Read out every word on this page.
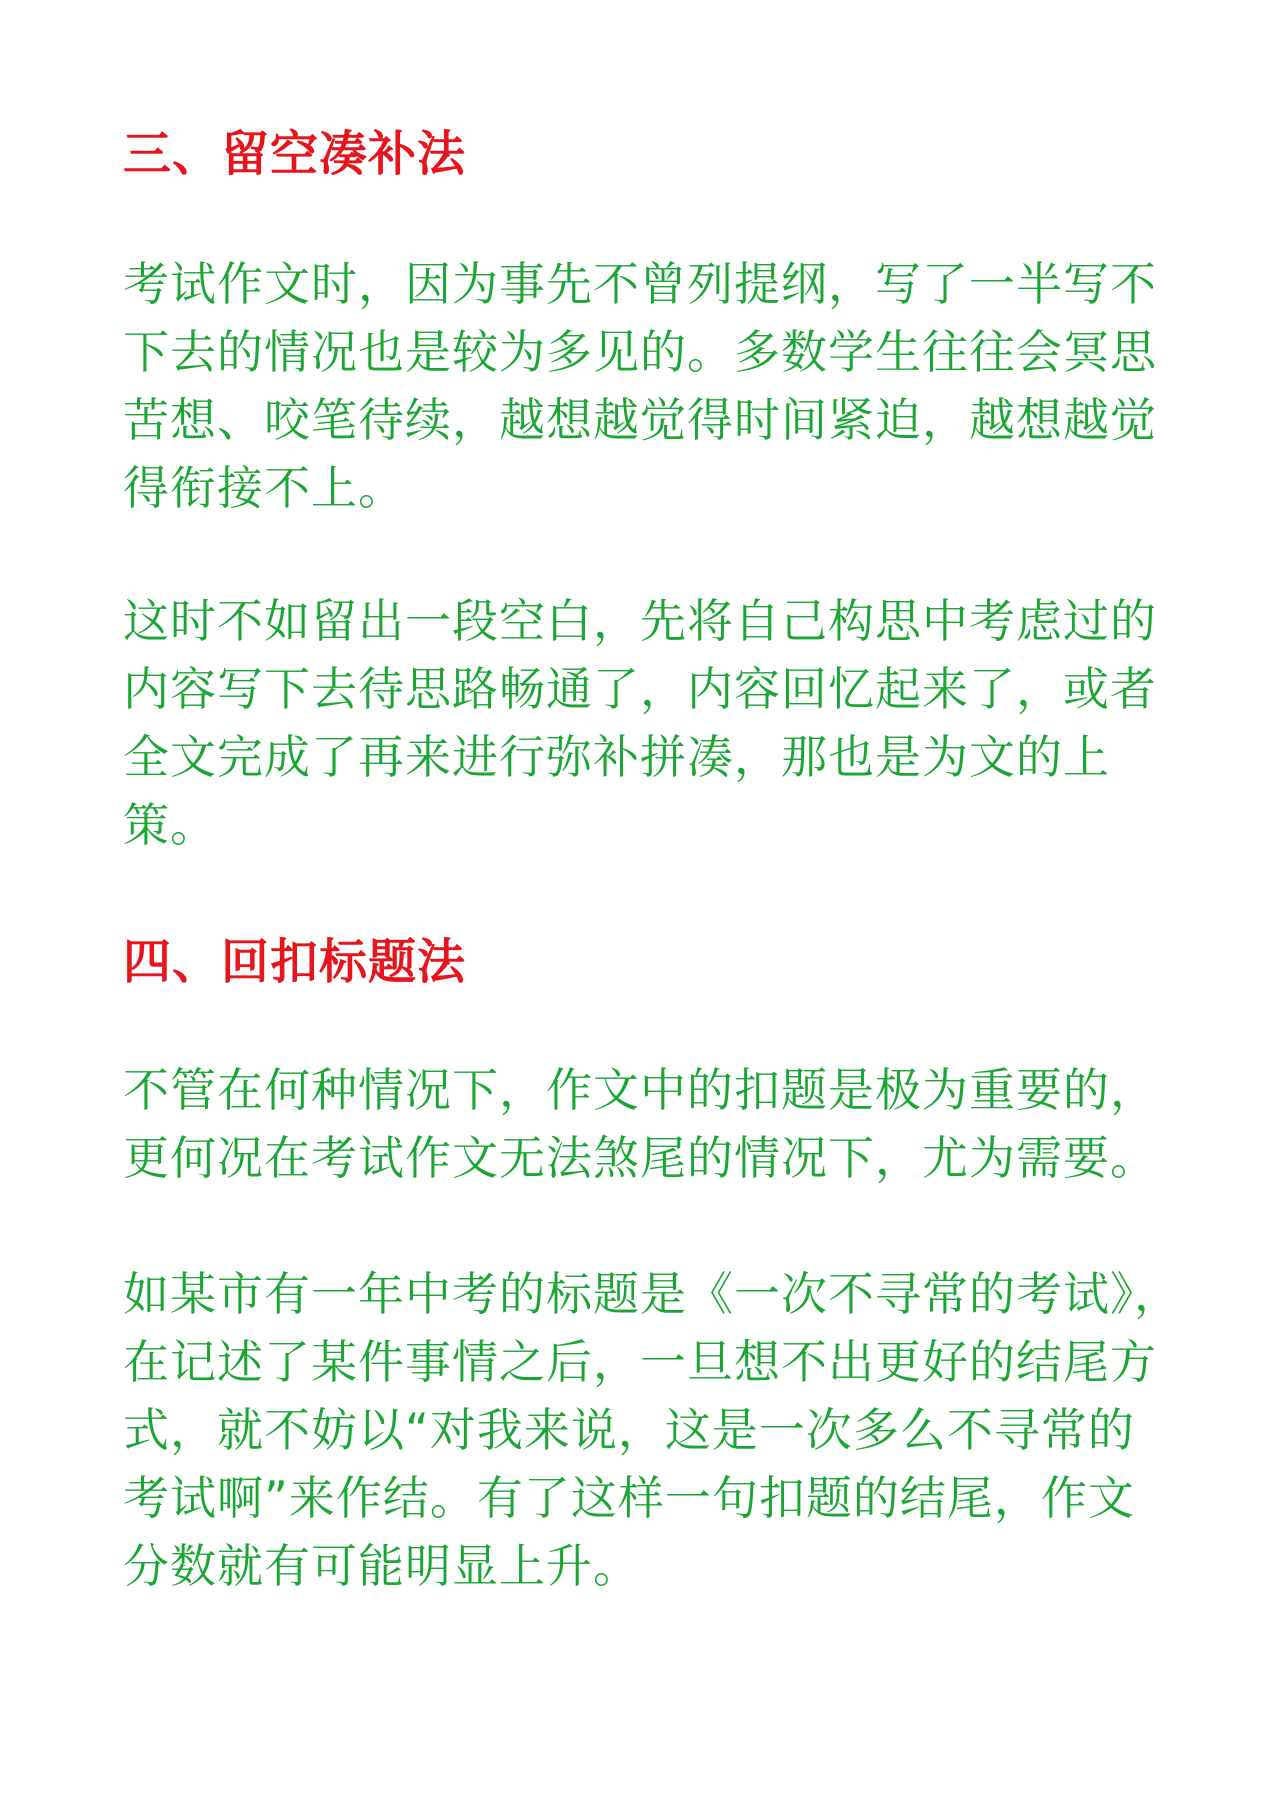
三、留空凑补法

考试作文时，因为事先不曾列提纲，写了一半写不
下去的情况也是较为多见的。多数学生往往会冥思
苦想、咬笔待续，越想越觉得时间紧迫，越想越觉
得衔接不上。

这时不如留出一段空白，先将自己构思中考虑过的
内容写下去待思路畅通了，内容回忆起来了，或者
全文完成了再来进行弥补拼凑，那也是为文的上
策。

四、回扣标题法

不管在何种情况下，作文中的扣题是极为重要的，
更何况在考试作文无法煞尾的情况下，尤为需要。

如某市有一年中考的标题是《一次不寻常的考试》，
在记述了某件事情之后，一旦想不出更好的结尾方
式，就不妨以“对我来说，这是一次多么不寻常的
考试啊”来作结。有了这样一句扣题的结尾，作文
分数就有可能明显上升。
